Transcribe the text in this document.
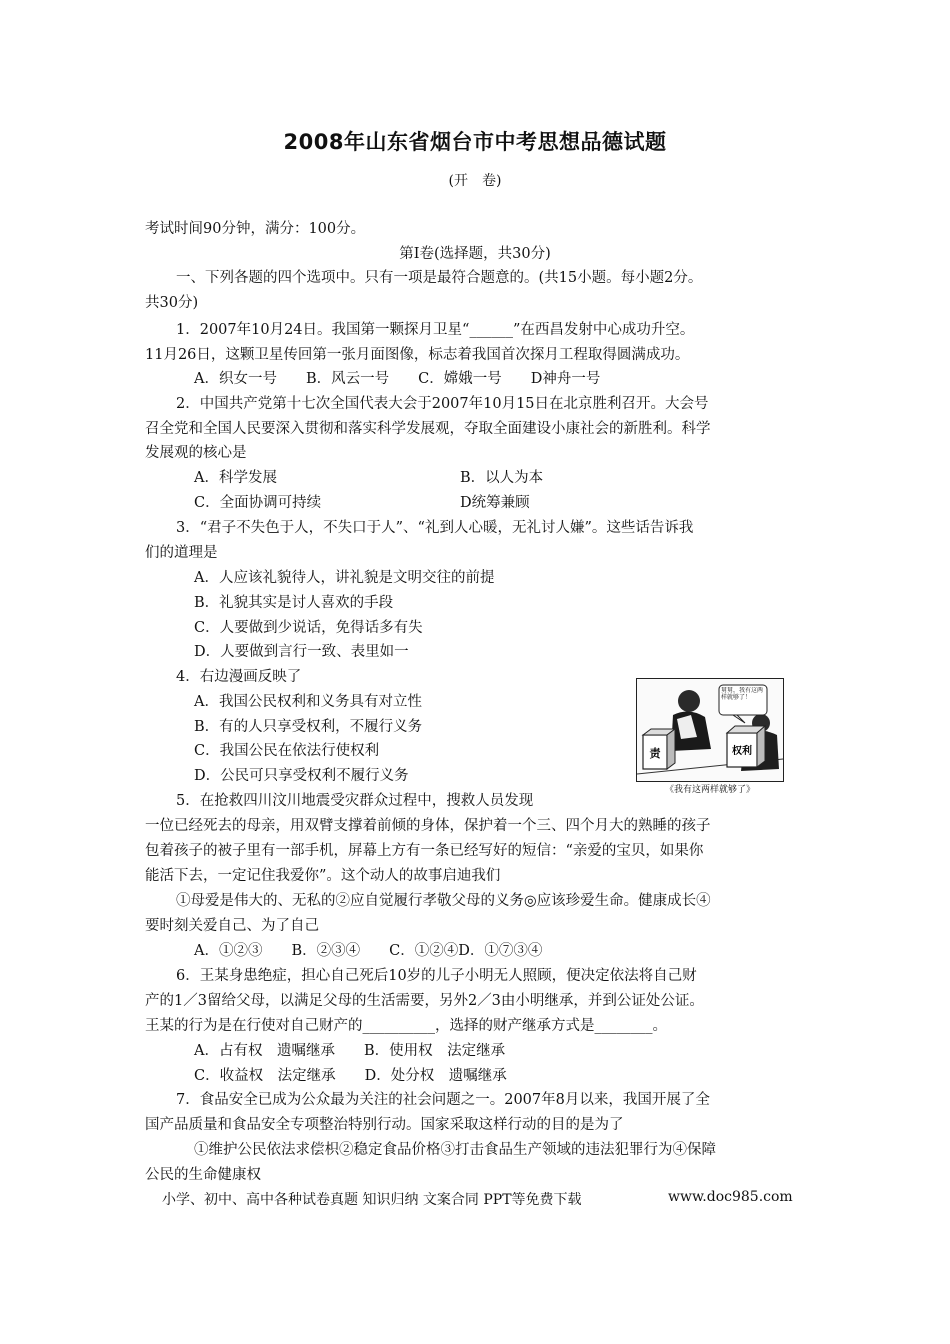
2008年山东省烟台市中考思想品德试题
(开　卷)
考试时间90分钟，满分：100分。
第Ⅰ卷(选择题，共30分)
一、下列各题的四个选项中。只有一项是最符合题意的。(共15小题。每小题2分。
共30分)
1．2007年10月24日。我国第一颗探月卫星“______”在西昌发射中心成功升空。
11月26日，这颗卫星传回第一张月面图像，标志着我国首次探月工程取得圆满成功。
A．织女一号　　B．风云一号　　C．嫦娥一号　　D神舟一号
2．中国共产党第十七次全国代表大会于2007年10月15日在北京胜利召开。大会号
召全党和全国人民要深入贯彻和落实科学发展观，夺取全面建设小康社会的新胜利。科学
发展观的核心是
A．科学发展	B．以人为本
C．全面协调可持续	D统筹兼顾
3．“君子不失色于人，不失口于人”、“礼到人心暖，无礼讨人嫌”。这些话告诉我
们的道理是
A．人应该礼貌待人，讲礼貌是文明交往的前提
B．礼貌其实是讨人喜欢的手段
C．人要做到少说话，免得话多有失
D．人要做到言行一致、表里如一
4．右边漫画反映了
A．我国公民权利和义务具有对立性
B．有的人只享受权利，不履行义务
C．我国公民在依法行使权利
D．公民可只享受权利不履行义务
责	权利
舅舅，我有这两样就够了！
《我有这两样就够了》
5．在抢救四川汶川地震受灾群众过程中，搜救人员发现
一位已经死去的母亲，用双臂支撑着前倾的身体，保护着一个三、四个月大的熟睡的孩子
包着孩子的被子里有一部手机，屏幕上方有一条已经写好的短信：“亲爱的宝贝，如果你
能活下去，一定记住我爱你”。这个动人的故事启迪我们
①母爱是伟大的、无私的②应自觉履行孝敬父母的义务◎应该珍爱生命。健康成长④
要时刻关爱自己、为了自己
A．①②③　　B．②③④　　C．①②④D．①⑦③④
6．王某身患绝症，担心自己死后10岁的儿子小明无人照顾，便决定依法将自己财
产的1／3留给父母，以满足父母的生活需要，另外2／3由小明继承，并到公证处公证。
王某的行为是在行使对自己财产的__________，选择的财产继承方式是________。
A．占有权　遗嘱继承　　B．使用权　法定继承
C．收益权　法定继承　　D．处分权　遗嘱继承
7．食品安全已成为公众最为关注的社会问题之一。2007年8月以来，我国开展了全
国产品质量和食品安全专项整治特别行动。国家采取这样行动的目的是为了
①维护公民依法求偿枳②稳定食品价格③打击食品生产领域的违法犯罪行为④保障
公民的生命健康权
小学、初中、高中各种试卷真题 知识归纳 文案合同 PPT等免费下载	www.doc985.com
